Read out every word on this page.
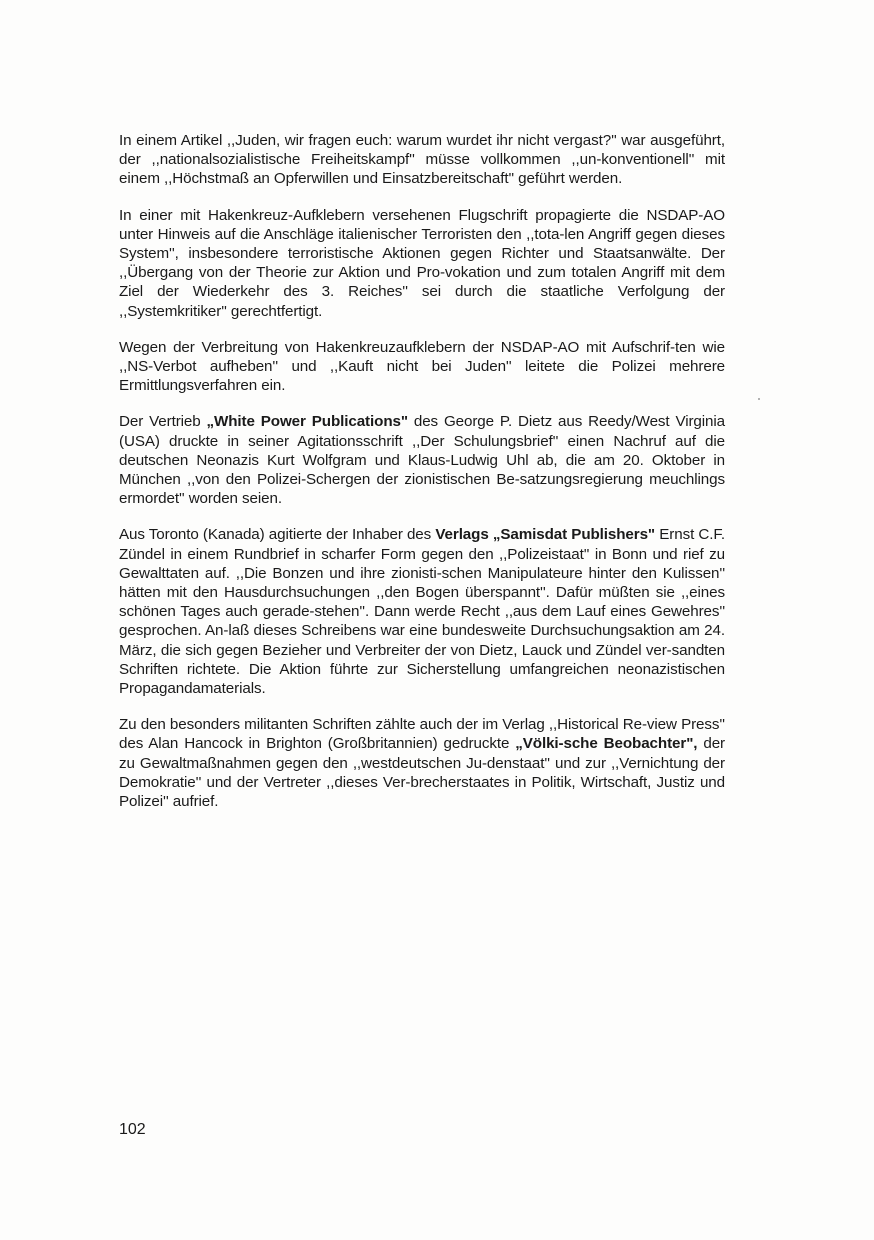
In einem Artikel ,,Juden, wir fragen euch: warum wurdet ihr nicht vergast?'' war ausgeführt, der ,,nationalsozialistische Freiheitskampf'' müsse vollkommen ,,un-konventionell'' mit einem ,,Höchstmaß an Opferwillen und Einsatzbereitschaft'' geführt werden.

In einer mit Hakenkreuz-Aufklebern versehenen Flugschrift propagierte die NSDAP-AO unter Hinweis auf die Anschläge italienischer Terroristen den ,,tota-len Angriff gegen dieses System'', insbesondere terroristische Aktionen gegen Richter und Staatsanwälte. Der ,,Übergang von der Theorie zur Aktion und Pro-vokation und zum totalen Angriff mit dem Ziel der Wiederkehr des 3. Reiches'' sei durch die staatliche Verfolgung der ,,Systemkritiker'' gerechtfertigt.

Wegen der Verbreitung von Hakenkreuzaufklebern der NSDAP-AO mit Aufschrif-ten wie ,,NS-Verbot aufheben'' und ,,Kauft nicht bei Juden'' leitete die Polizei mehrere Ermittlungsverfahren ein.

Der Vertrieb „White Power Publications" des George P. Dietz aus Reedy/West Virginia (USA) druckte in seiner Agitationsschrift ,,Der Schulungsbrief'' einen Nachruf auf die deutschen Neonazis Kurt Wolfgram und Klaus-Ludwig Uhl ab, die am 20. Oktober in München ,,von den Polizei-Schergen der zionistischen Be-satzungsregierung meuchlings ermordet'' worden seien.

Aus Toronto (Kanada) agitierte der Inhaber des Verlags „Samisdat Publishers" Ernst C.F. Zündel in einem Rundbrief in scharfer Form gegen den ,,Polizeistaat'' in Bonn und rief zu Gewalttaten auf. ,,Die Bonzen und ihre zionisti-schen Manipulateure hinter den Kulissen'' hätten mit den Hausdurchsuchungen ,,den Bogen überspannt''. Dafür müßten sie ,,eines schönen Tages auch gerade-stehen''. Dann werde Recht ,,aus dem Lauf eines Gewehres'' gesprochen. An-laß dieses Schreibens war eine bundesweite Durchsuchungsaktion am 24. März, die sich gegen Bezieher und Verbreiter der von Dietz, Lauck und Zündel ver-sandten Schriften richtete. Die Aktion führte zur Sicherstellung umfangreichen neonazistischen Propagandamaterials.

Zu den besonders militanten Schriften zählte auch der im Verlag ,,Historical Re-view Press'' des Alan Hancock in Brighton (Großbritannien) gedruckte „Völki-sche Beobachter", der zu Gewaltmaßnahmen gegen den ,,westdeutschen Ju-denstaat'' und zur ,,Vernichtung der Demokratie'' und der Vertreter ,,dieses Ver-brecherstaates in Politik, Wirtschaft, Justiz und Polizei'' aufrief.

102
